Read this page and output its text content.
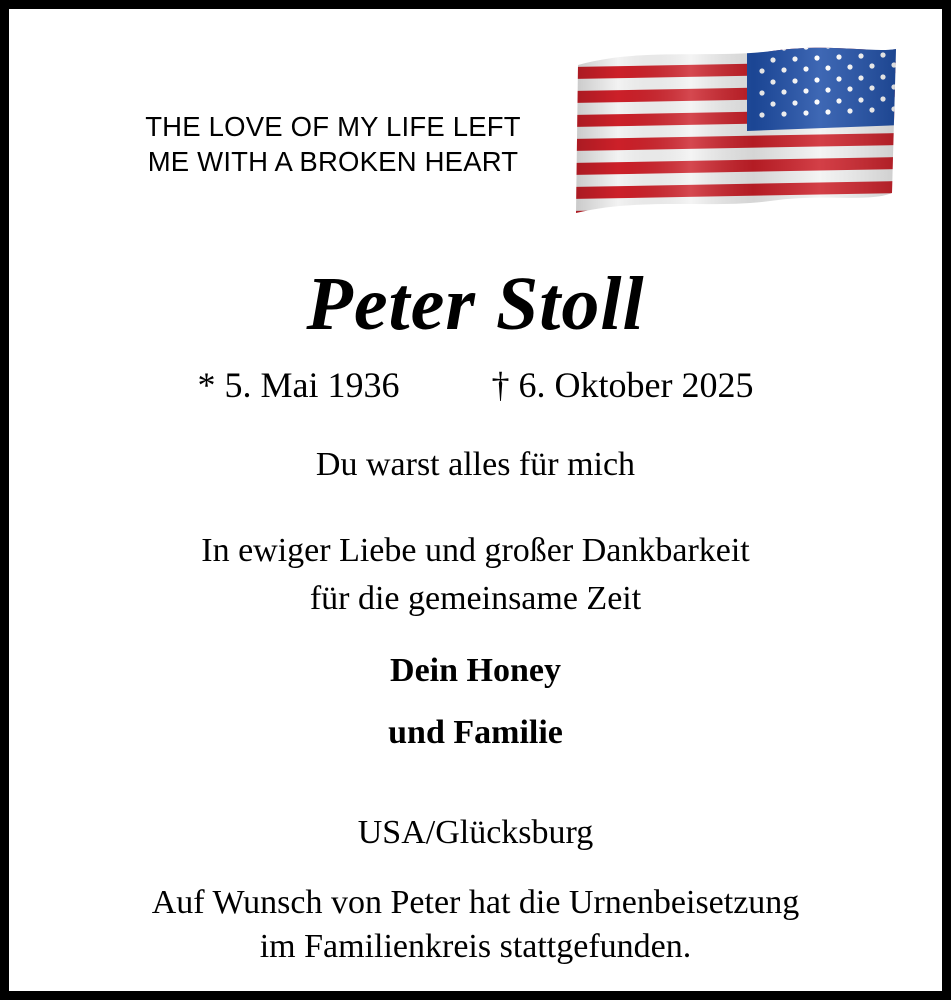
THE LOVE OF MY LIFE LEFT
ME WITH A BROKEN HEART
Peter Stoll
* 5. Mai 1936	† 6. Oktober 2025
Du warst alles für mich
In ewiger Liebe und großer Dankbarkeit
für die gemeinsame Zeit
Dein Honey
und Familie
USA/Glücksburg
Auf Wunsch von Peter hat die Urnenbeisetzung
im Familienkreis stattgefunden.
